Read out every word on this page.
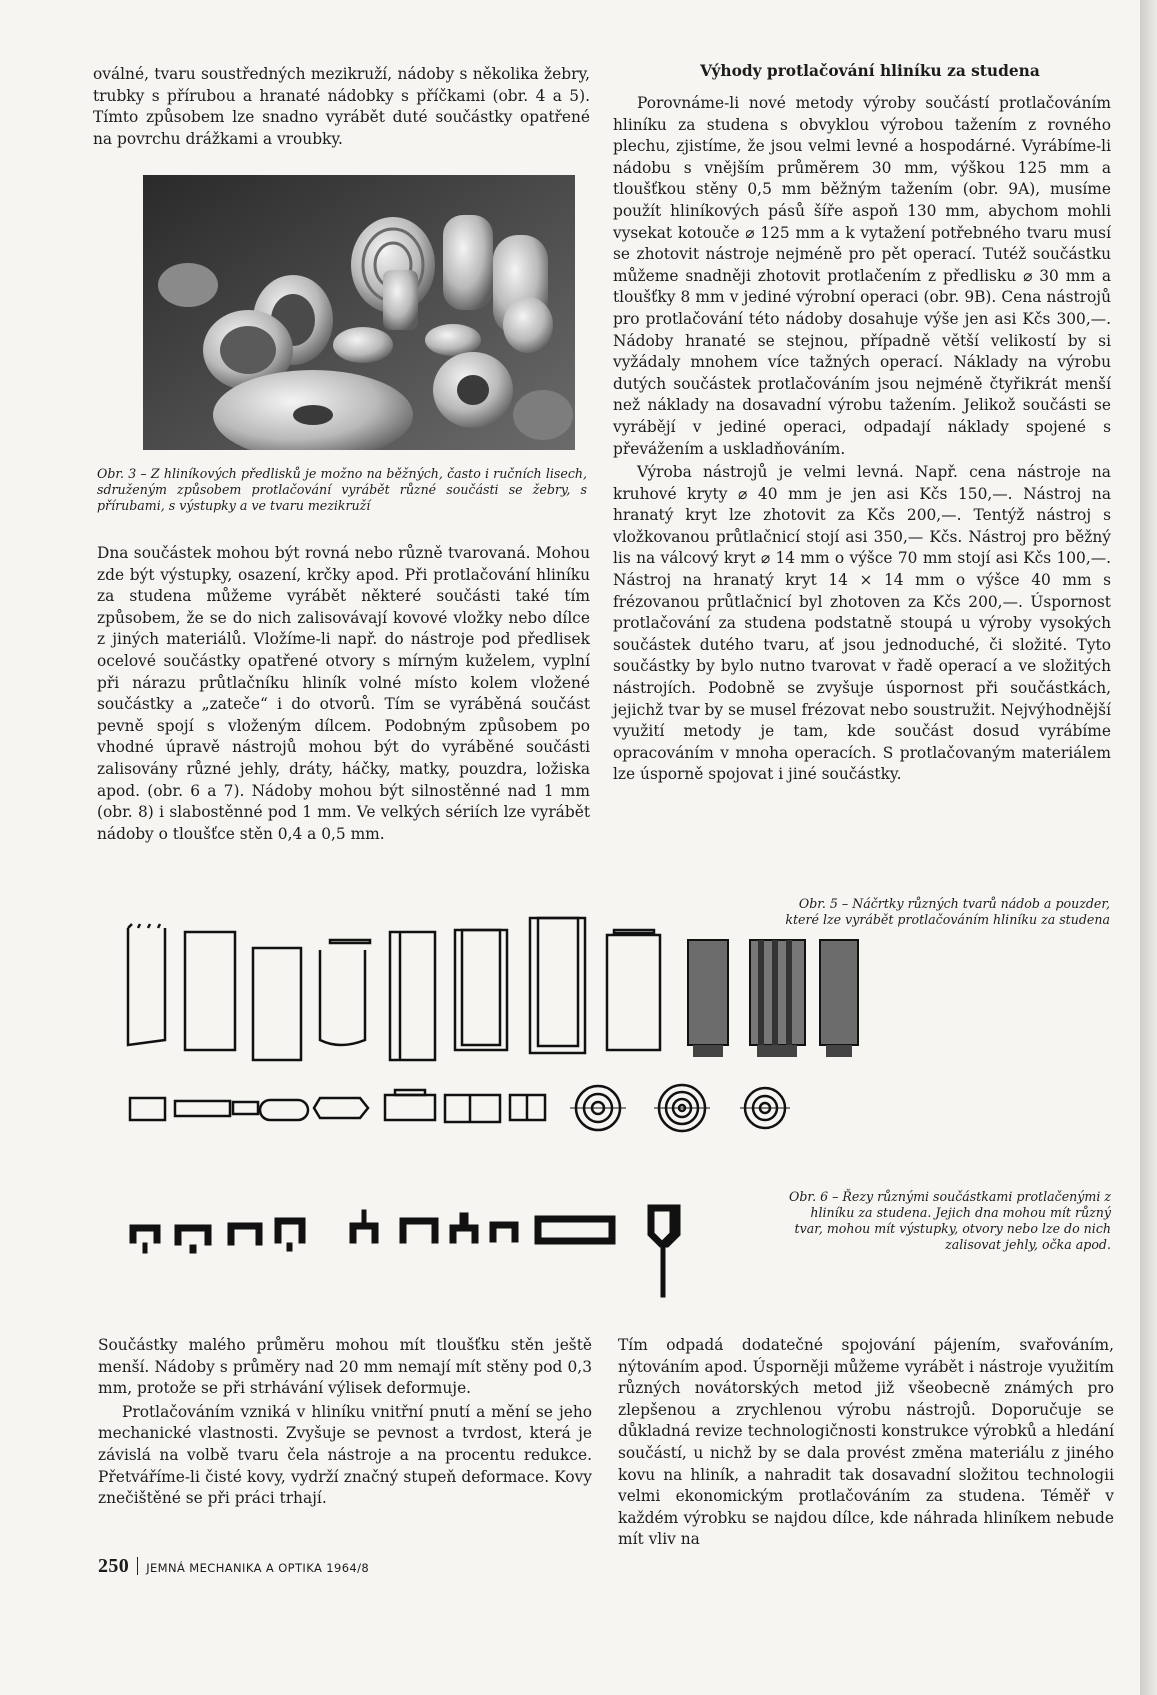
oválné, tvaru soustředných mezikruží, nádoby s několika žebry, trubky s přírubou a hranaté nádobky s příčkami (obr. 4 a 5). Tímto způsobem lze snadno vyrábět duté součástky opatřené na povrchu drážkami a vroubky.

Obr. 3 – Z hliníkových předlisků je možno na běžných, často i ručních lisech, sdruženým způsobem protlačování vyrábět různé součásti se žebry, s přírubami, s výstupky a ve tvaru mezikruží

Dna součástek mohou být rovná nebo různě tvarovaná. Mohou zde být výstupky, osazení, krčky apod. Při protlačování hliníku za studena můžeme vyrábět některé součásti také tím způsobem, že se do nich zalisovávají kovové vložky nebo dílce z jiných materiálů. Vložíme-li např. do nástroje pod předlisek ocelové součástky opatřené otvory s mírným kuželem, vyplní při nárazu průtlačníku hliník volné místo kolem vložené součástky a „zateče“ i do otvorů. Tím se vyráběná součást pevně spojí s vloženým dílcem. Podobným způsobem po vhodné úpravě nástrojů mohou být do vyráběné součásti zalisovány různé jehly, dráty, háčky, matky, pouzdra, ložiska apod. (obr. 6 a 7). Nádoby mohou být silnostěnné nad 1 mm (obr. 8) i slabostěnné pod 1 mm. Ve velkých sériích lze vyrábět nádoby o tloušťce stěn 0,4 a 0,5 mm.

Výhody protlačování hliníku za studena

Porovnáme-li nové metody výroby součástí protlačováním hliníku za studena s obvyklou výrobou tažením z rovného plechu, zjistíme, že jsou velmi levné a hospodárné. Vyrábíme-li nádobu s vnějším průměrem 30 mm, výškou 125 mm a tloušťkou stěny 0,5 mm běžným tažením (obr. 9A), musíme použít hliníkových pásů šíře aspoň 130 mm, abychom mohli vysekat kotouče ⌀ 125 mm a k vytažení potřebného tvaru musí se zhotovit nástroje nejméně pro pět operací. Tutéž součástku můžeme snadněji zhotovit protlačením z předlisku ⌀ 30 mm a tloušťky 8 mm v jediné výrobní operaci (obr. 9B). Cena nástrojů pro protlačování této nádoby dosahuje výše jen asi Kčs 300,—. Nádoby hranaté se stejnou, případně větší velikostí by si vyžádaly mnohem více tažných operací. Náklady na výrobu dutých součástek protlačováním jsou nejméně čtyřikrát menší než náklady na dosavadní výrobu tažením. Jelikož součásti se vyrábějí v jediné operaci, odpadají náklady spojené s převážením a uskladňováním.

Výroba nástrojů je velmi levná. Např. cena nástroje na kruhové kryty ⌀ 40 mm je jen asi Kčs 150,—. Nástroj na hranatý kryt lze zhotovit za Kčs 200,—. Tentýž nástroj s vložkovanou průtlačnicí stojí asi 350,— Kčs. Nástroj pro běžný lis na válcový kryt ⌀ 14 mm o výšce 70 mm stojí asi Kčs 100,—. Nástroj na hranatý kryt 14 × 14 mm o výšce 40 mm s frézovanou průtlačnicí byl zhotoven za Kčs 200,—. Úspornost protlačování za studena podstatně stoupá u výroby vysokých součástek dutého tvaru, ať jsou jednoduché, či složité. Tyto součástky by bylo nutno tvarovat v řadě operací a ve složitých nástrojích. Podobně se zvyšuje úspornost při součástkách, jejichž tvar by se musel frézovat nebo soustružit. Nejvýhodnější využití metody je tam, kde součást dosud vyrábíme opracováním v mnoha operacích. S protlačovaným materiálem lze úsporně spojovat i jiné součástky.

Obr. 5 – Náčrtky různých tvarů nádob a pouzder, které lze vyrábět protlačováním hliníku za studena
Obr. 6 – Řezy různými součástkami protlačenými z hliníku za studena. Jejich dna mohou mít různý tvar, mohou mít výstupky, otvory nebo lze do nich zalisovat jehly, očka apod.

Součástky malého průměru mohou mít tloušťku stěn ještě menší. Nádoby s průměry nad 20 mm nemají mít stěny pod 0,3 mm, protože se při strhávání výlisek deformuje.

Protlačováním vzniká v hliníku vnitřní pnutí a mění se jeho mechanické vlastnosti. Zvyšuje se pevnost a tvrdost, která je závislá na volbě tvaru čela nástroje a na procentu redukce. Přetváříme-li čisté kovy, vydrží značný stupeň deformace. Kovy znečištěné se při práci trhají.

Tím odpadá dodatečné spojování pájením, svařováním, nýtováním apod. Úsporněji můžeme vyrábět i nástroje využitím různých novátorských metod již všeobecně známých pro zlepšenou a zrychlenou výrobu nástrojů. Doporučuje se důkladná revize technologičnosti konstrukce výrobků a hledání součástí, u nichž by se dala provést změna materiálu z jiného kovu na hliník, a nahradit tak dosavadní složitou technologii velmi ekonomickým protlačováním za studena. Téměř v každém výrobku se najdou dílce, kde náhrada hliníkem nebude mít vliv na

250 JEMNÁ MECHANIKA A OPTIKA 1964/8
